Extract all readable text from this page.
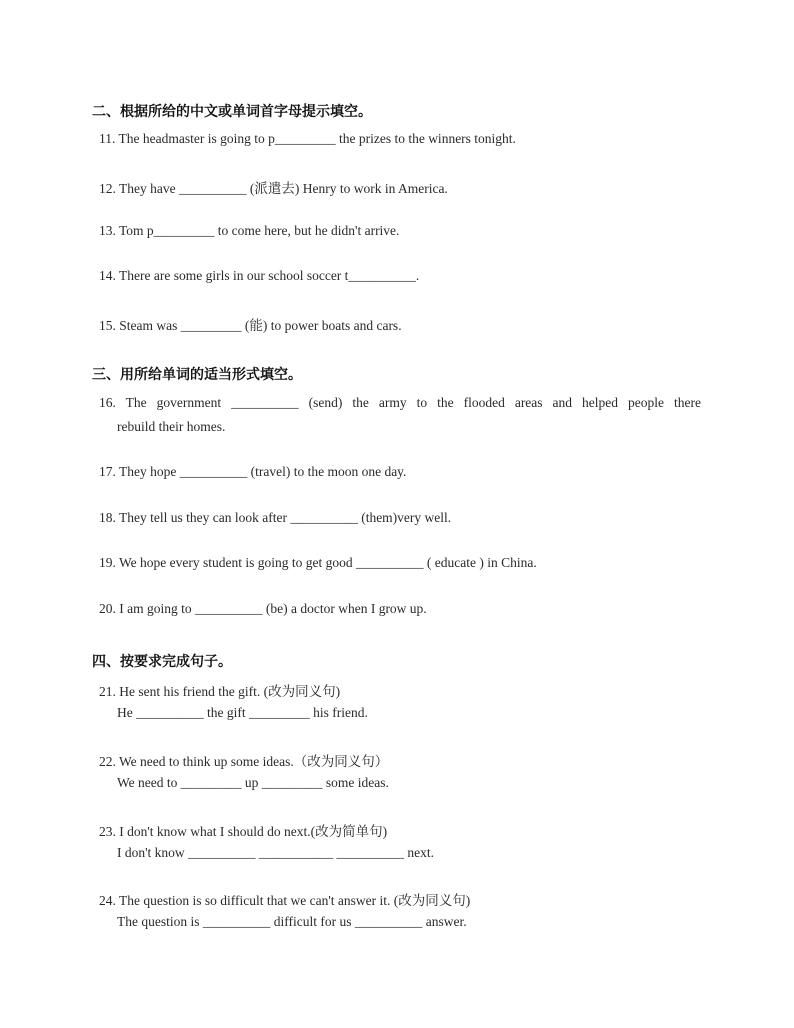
二、根据所给的中文或单词首字母提示填空。
11. The headmaster is going to p_________ the prizes to the winners tonight.
12. They have __________ (派遣去) Henry to work in America.
13. Tom p_________ to come here, but he didn't arrive.
14. There are some girls in our school soccer t__________.
15. Steam was _________ (能) to power boats and cars.
三、用所给单词的适当形式填空。
16. The government __________ (send) the army to the flooded areas and helped people there
rebuild their homes.
17. They hope __________ (travel) to the moon one day.
18. They tell us they can look after __________ (them)very well.
19. We hope every student is going to get good __________ ( educate ) in China.
20. I am going to __________ (be) a doctor when I grow up.
四、按要求完成句子。
21. He sent his friend the gift. (改为同义句)
He __________ the gift _________ his friend.
22. We need to think up some ideas.（改为同义句）
We need to _________ up _________ some ideas.
23. I don't know what I should do next.(改为简单句)
I don't know __________ ___________ __________ next.
24. The question is so difficult that we can't answer it. (改为同义句)
The question is __________ difficult for us __________ answer.
